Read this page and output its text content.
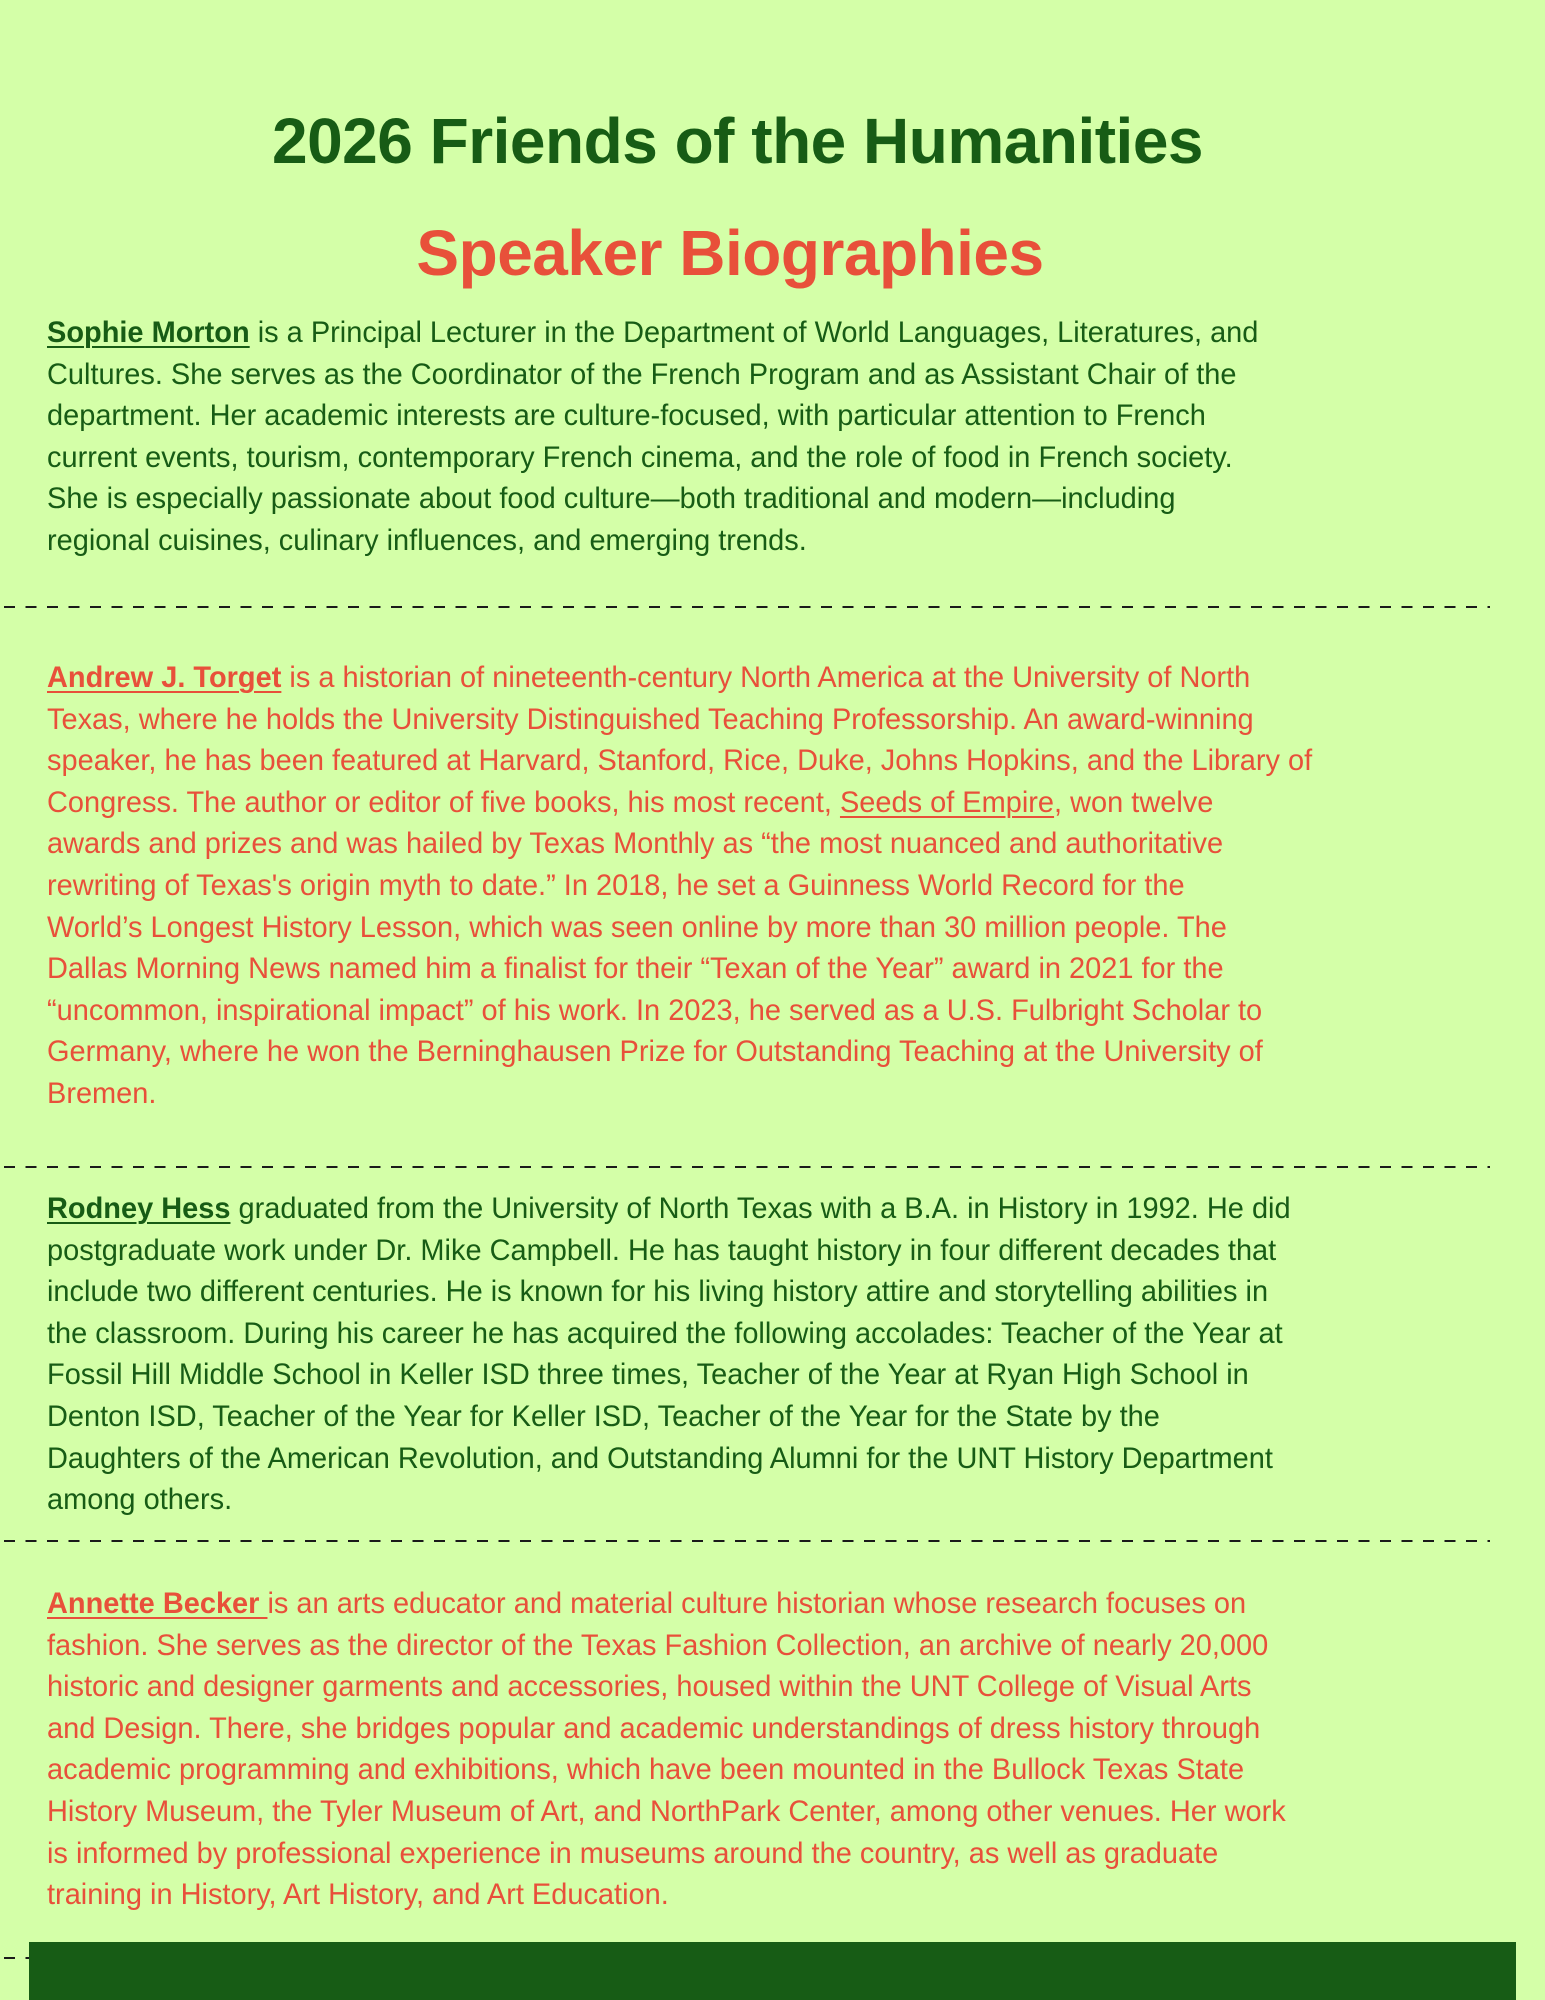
2026 Friends of the Humanities
Speaker Biographies
Sophie Morton is a Principal Lecturer in the Department of World Languages, Literatures, and
Cultures. She serves as the Coordinator of the French Program and as Assistant Chair of the
department. Her academic interests are culture-focused, with particular attention to French
current events, tourism, contemporary French cinema, and the role of food in French society.
She is especially passionate about food culture—both traditional and modern—including
regional cuisines, culinary influences, and emerging trends.
Andrew J. Torget is a historian of nineteenth-century North America at the University of North
Texas, where he holds the University Distinguished Teaching Professorship. An award-winning
speaker, he has been featured at Harvard, Stanford, Rice, Duke, Johns Hopkins, and the Library of
Congress. The author or editor of five books, his most recent, Seeds of Empire, won twelve
awards and prizes and was hailed by Texas Monthly as “the most nuanced and authoritative
rewriting of Texas's origin myth to date.” In 2018, he set a Guinness World Record for the
World’s Longest History Lesson, which was seen online by more than 30 million people. The
Dallas Morning News named him a finalist for their “Texan of the Year” award in 2021 for the
“uncommon, inspirational impact” of his work. In 2023, he served as a U.S. Fulbright Scholar to
Germany, where he won the Berninghausen Prize for Outstanding Teaching at the University of
Bremen.
Rodney Hess graduated from the University of North Texas with a B.A. in History in 1992. He did
postgraduate work under Dr. Mike Campbell. He has taught history in four different decades that
include two different centuries. He is known for his living history attire and storytelling abilities in
the classroom. During his career he has acquired the following accolades: Teacher of the Year at
Fossil Hill Middle School in Keller ISD three times, Teacher of the Year at Ryan High School in
Denton ISD, Teacher of the Year for Keller ISD, Teacher of the Year for the State by the
Daughters of the American Revolution, and Outstanding Alumni for the UNT History Department
among others.
Annette Becker is an arts educator and material culture historian whose research focuses on
fashion. She serves as the director of the Texas Fashion Collection, an archive of nearly 20,000
historic and designer garments and accessories, housed within the UNT College of Visual Arts
and Design. There, she bridges popular and academic understandings of dress history through
academic programming and exhibitions, which have been mounted in the Bullock Texas State
History Museum, the Tyler Museum of Art, and NorthPark Center, among other venues. Her work
is informed by professional experience in museums around the country, as well as graduate
training in History, Art History, and Art Education.
